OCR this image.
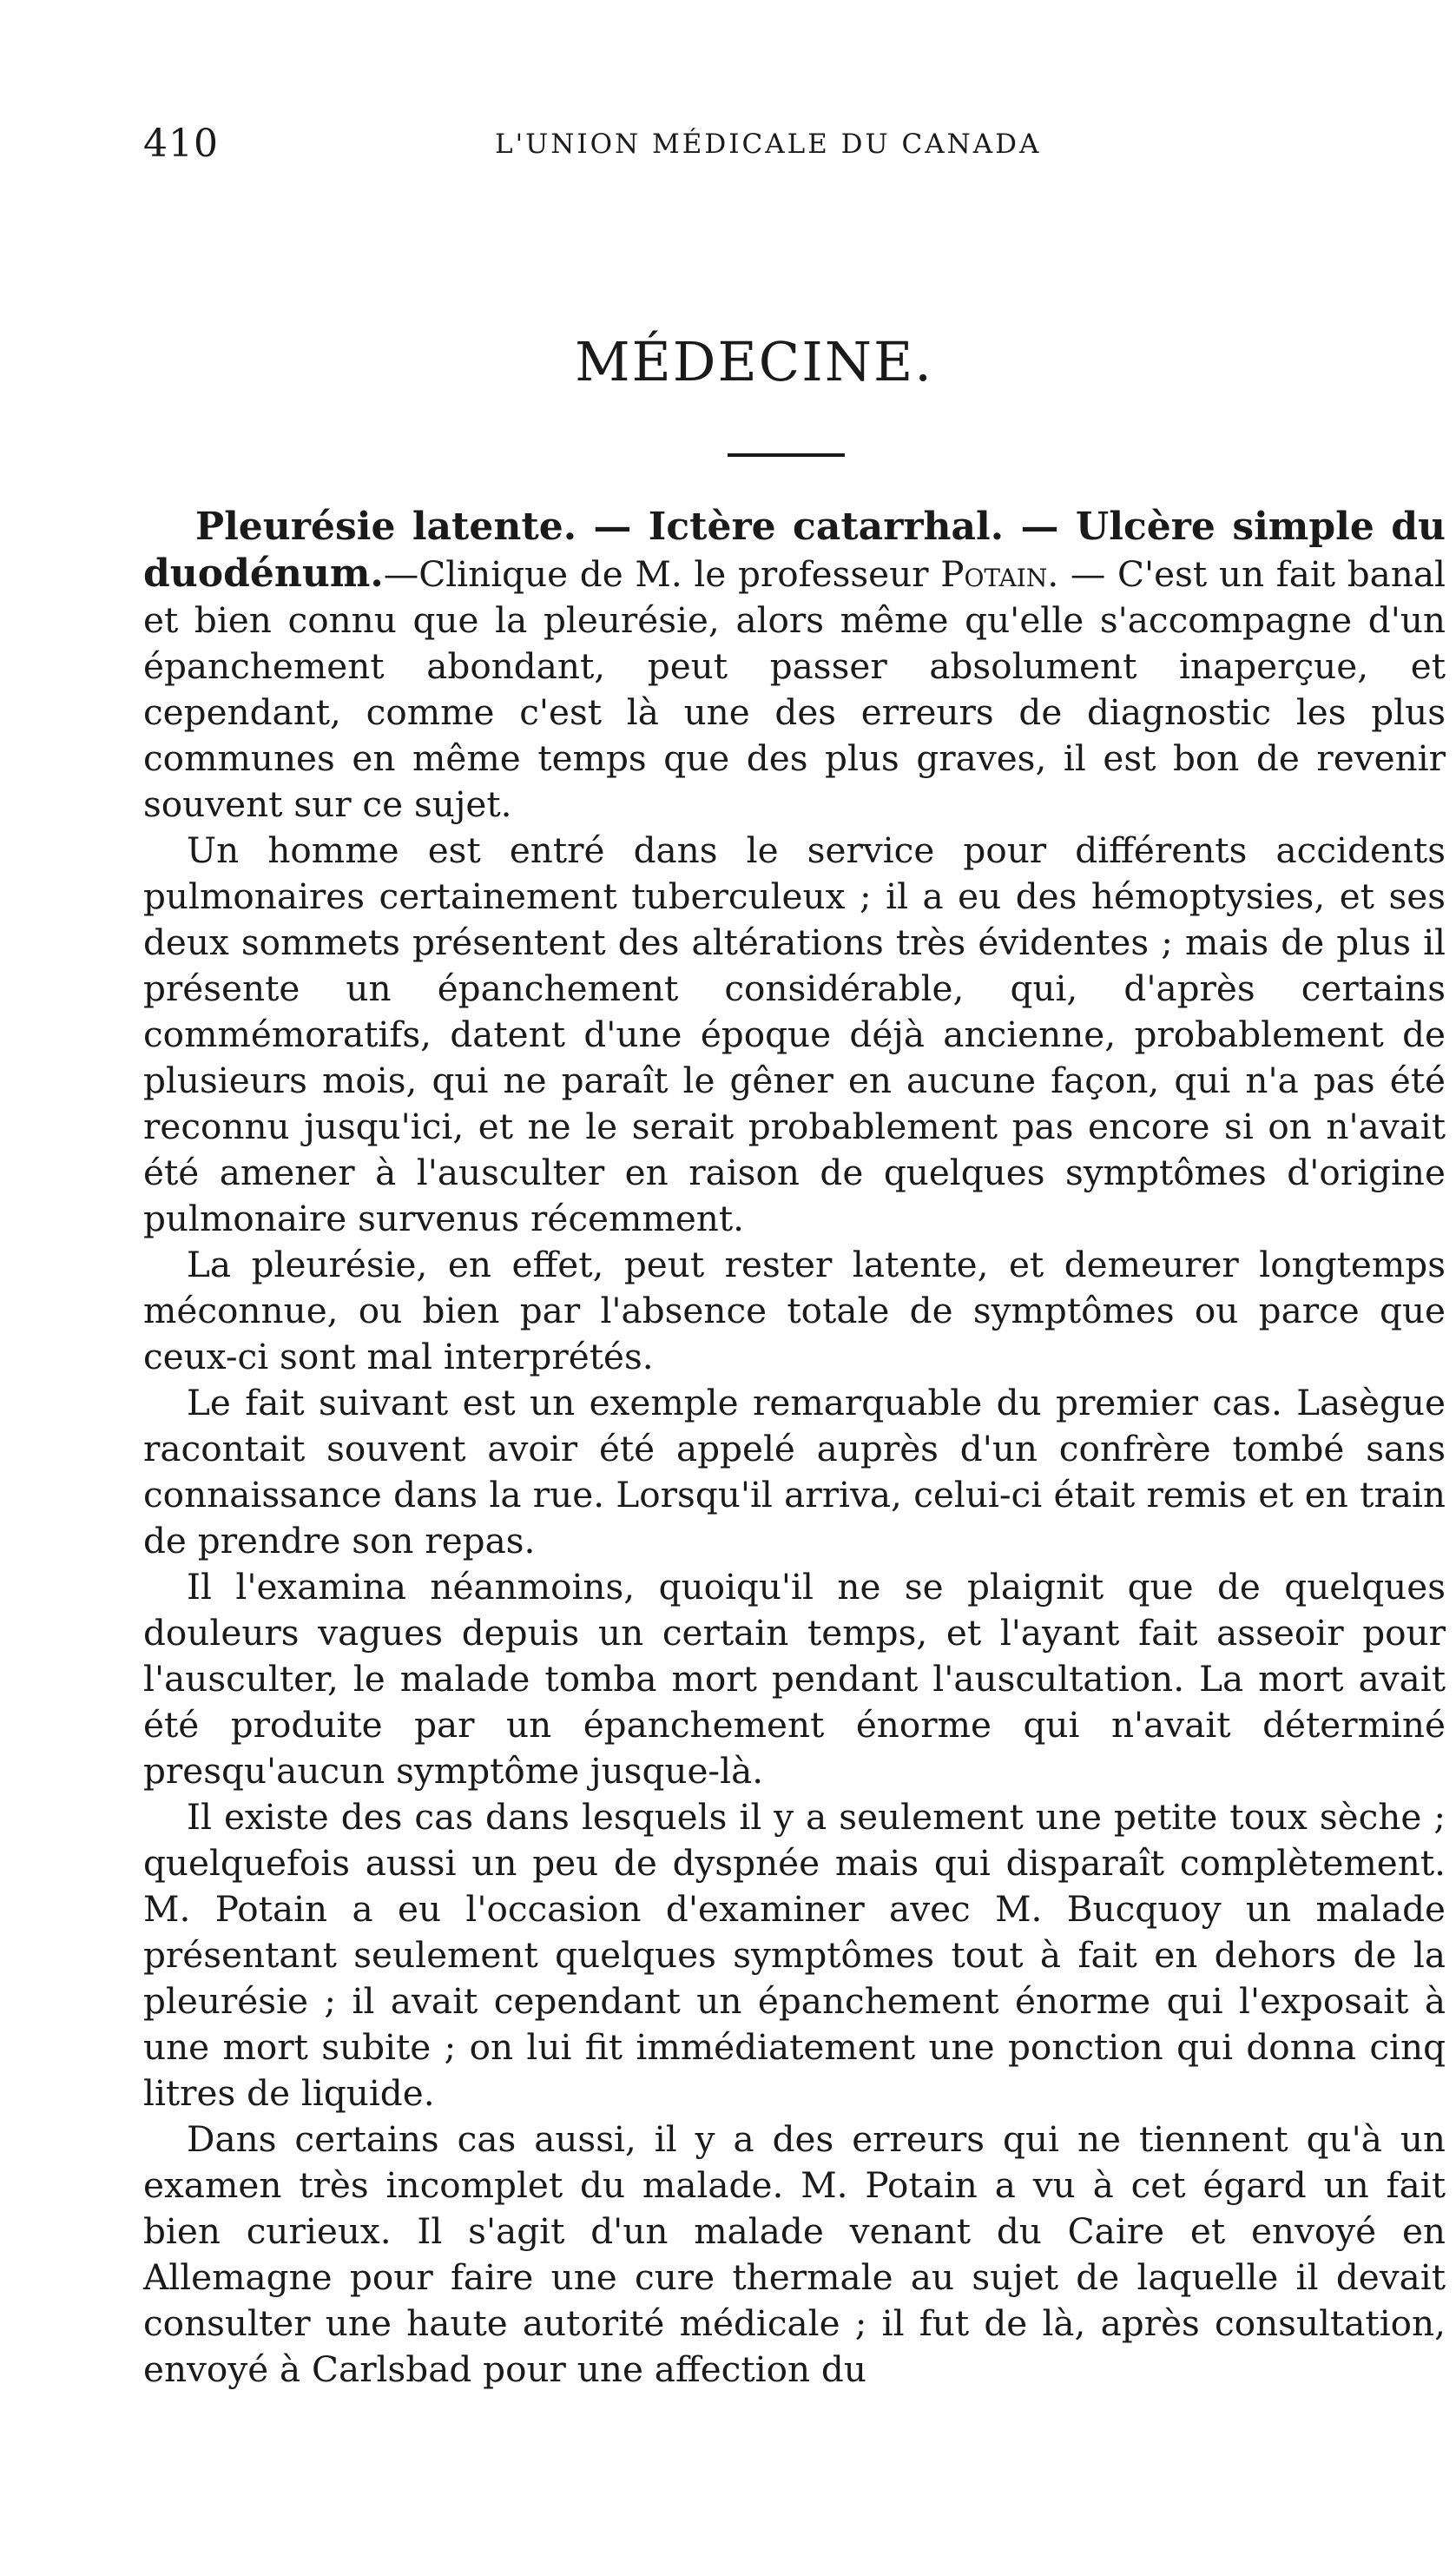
410	L'UNION MÉDICALE DU CANADA
MÉDECINE.

Pleurésie latente. — Ictère catarrhal. — Ulcère simple du duodénum.—Clinique de M. le professeur Potain. — C'est un fait banal et bien connu que la pleurésie, alors même qu'elle s'accompagne d'un épanchement abondant, peut passer absolument inaperçue, et cependant, comme c'est là une des erreurs de diagnostic les plus communes en même temps que des plus graves, il est bon de revenir souvent sur ce sujet.

Un homme est entré dans le service pour différents accidents pulmonaires certainement tuberculeux ; il a eu des hémoptysies, et ses deux sommets présentent des altérations très évidentes ; mais de plus il présente un épanchement considérable, qui, d'après certains commémoratifs, datent d'une époque déjà ancienne, probablement de plusieurs mois, qui ne paraît le gêner en aucune façon, qui n'a pas été reconnu jusqu'ici, et ne le serait probablement pas encore si on n'avait été amener à l'ausculter en raison de quelques symptômes d'origine pulmonaire survenus récemment.

La pleurésie, en effet, peut rester latente, et demeurer longtemps méconnue, ou bien par l'absence totale de symptômes ou parce que ceux-ci sont mal interprétés.

Le fait suivant est un exemple remarquable du premier cas. Lasègue racontait souvent avoir été appelé auprès d'un confrère tombé sans connaissance dans la rue. Lorsqu'il arriva, celui-ci était remis et en train de prendre son repas.

Il l'examina néanmoins, quoiqu'il ne se plaignit que de quelques douleurs vagues depuis un certain temps, et l'ayant fait asseoir pour l'ausculter, le malade tomba mort pendant l'auscultation. La mort avait été produite par un épanchement énorme qui n'avait déterminé presqu'aucun symptôme jusque-là.

Il existe des cas dans lesquels il y a seulement une petite toux sèche ; quelquefois aussi un peu de dyspnée mais qui disparaît complètement. M. Potain a eu l'occasion d'examiner avec M. Bucquoy un malade présentant seulement quelques symptômes tout à fait en dehors de la pleurésie ; il avait cependant un épanchement énorme qui l'exposait à une mort subite ; on lui fit immédiatement une ponction qui donna cinq litres de liquide.

Dans certains cas aussi, il y a des erreurs qui ne tiennent qu'à un examen très incomplet du malade. M. Potain a vu à cet égard un fait bien curieux. Il s'agit d'un malade venant du Caire et envoyé en Allemagne pour faire une cure thermale au sujet de laquelle il devait consulter une haute autorité médicale ; il fut de là, après consultation, envoyé à Carlsbad pour une affection du
